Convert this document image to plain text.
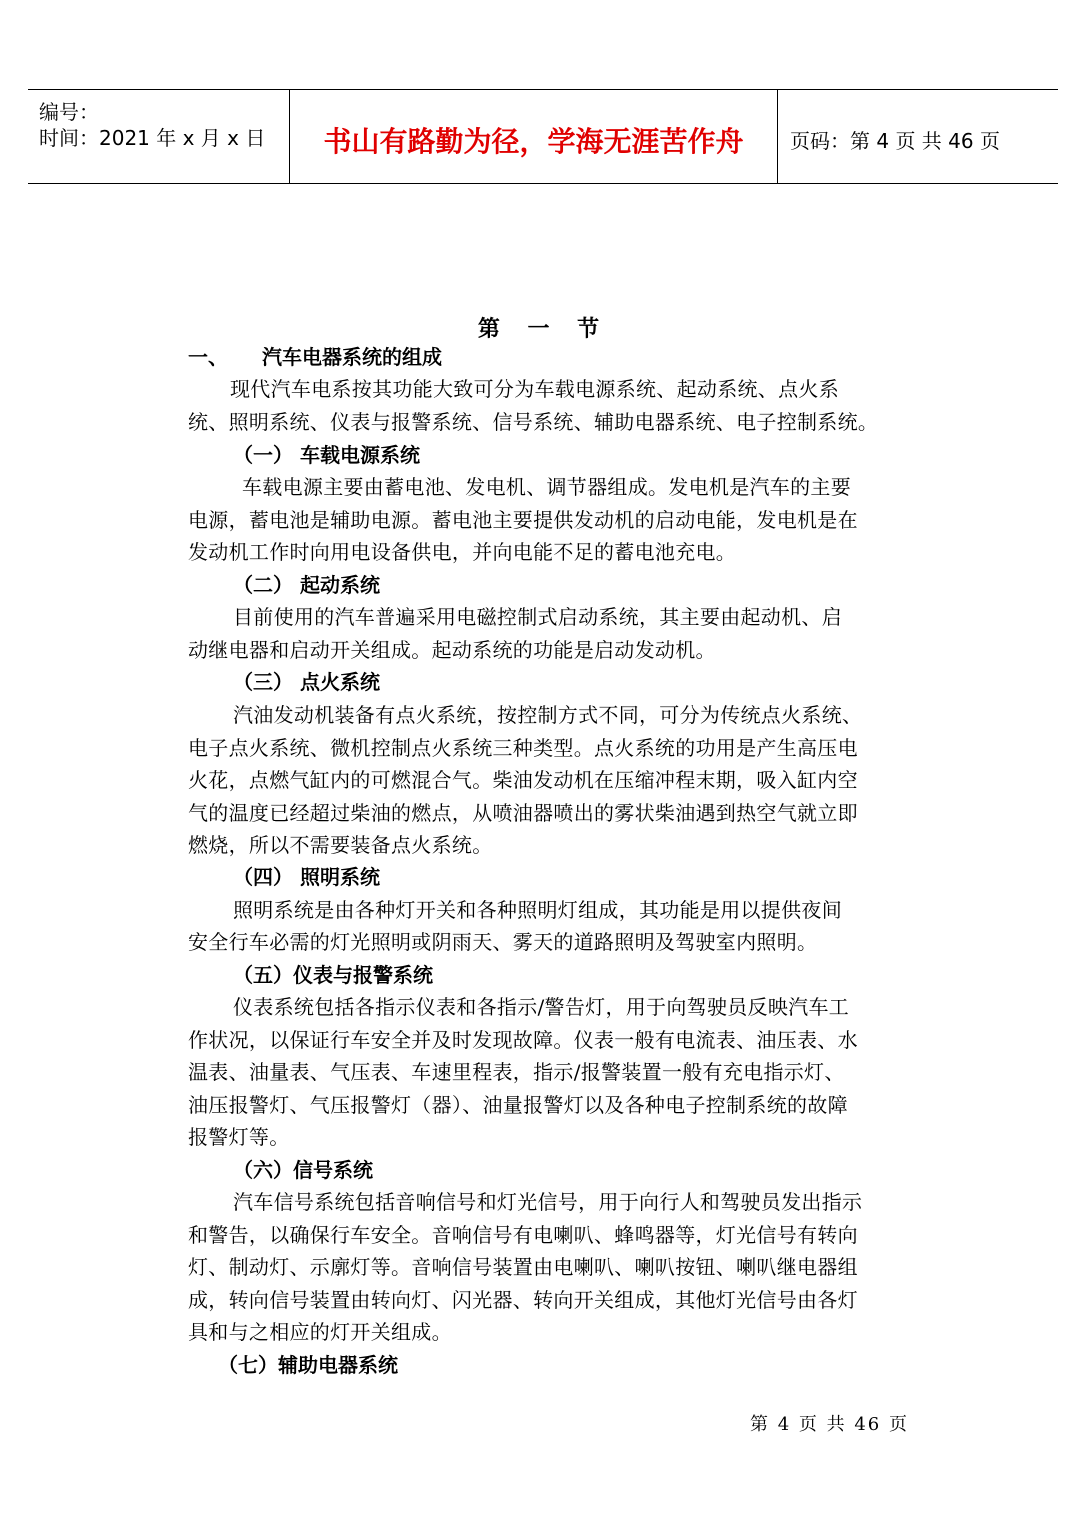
编号：
时间：2021 年 x 月 x 日	书山有路勤为径，学海无涯苦作舟	页码：第 4 页 共 46 页
第 一 节
一、 汽车电器系统的组成
现代汽车电系按其功能大致可分为车载电源系统、起动系统、点火系
统、照明系统、仪表与报警系统、信号系统、辅助电器系统、电子控制系统。
（一） 车载电源系统
车载电源主要由蓄电池、发电机、调节器组成。发电机是汽车的主要
电源，蓄电池是辅助电源。蓄电池主要提供发动机的启动电能，发电机是在
发动机工作时向用电设备供电，并向电能不足的蓄电池充电。
（二） 起动系统
目前使用的汽车普遍采用电磁控制式启动系统，其主要由起动机、启
动继电器和启动开关组成。起动系统的功能是启动发动机。
（三） 点火系统
汽油发动机装备有点火系统，按控制方式不同，可分为传统点火系统、
电子点火系统、微机控制点火系统三种类型。点火系统的功用是产生高压电
火花，点燃气缸内的可燃混合气。柴油发动机在压缩冲程末期，吸入缸内空
气的温度已经超过柴油的燃点，从喷油器喷出的雾状柴油遇到热空气就立即
燃烧，所以不需要装备点火系统。
（四） 照明系统
照明系统是由各种灯开关和各种照明灯组成，其功能是用以提供夜间
安全行车必需的灯光照明或阴雨天、雾天的道路照明及驾驶室内照明。
（五）仪表与报警系统
仪表系统包括各指示仪表和各指示/警告灯，用于向驾驶员反映汽车工
作状况，以保证行车安全并及时发现故障。仪表一般有电流表、油压表、水
温表、油量表、气压表、车速里程表，指示/报警装置一般有充电指示灯、
油压报警灯、气压报警灯（器）、油量报警灯以及各种电子控制系统的故障
报警灯等。
（六）信号系统
汽车信号系统包括音响信号和灯光信号，用于向行人和驾驶员发出指示
和警告，以确保行车安全。音响信号有电喇叭、蜂鸣器等，灯光信号有转向
灯、制动灯、示廓灯等。音响信号装置由电喇叭、喇叭按钮、喇叭继电器组
成，转向信号装置由转向灯、闪光器、转向开关组成，其他灯光信号由各灯
具和与之相应的灯开关组成。
（七）辅助电器系统
第 4 页 共 46 页
